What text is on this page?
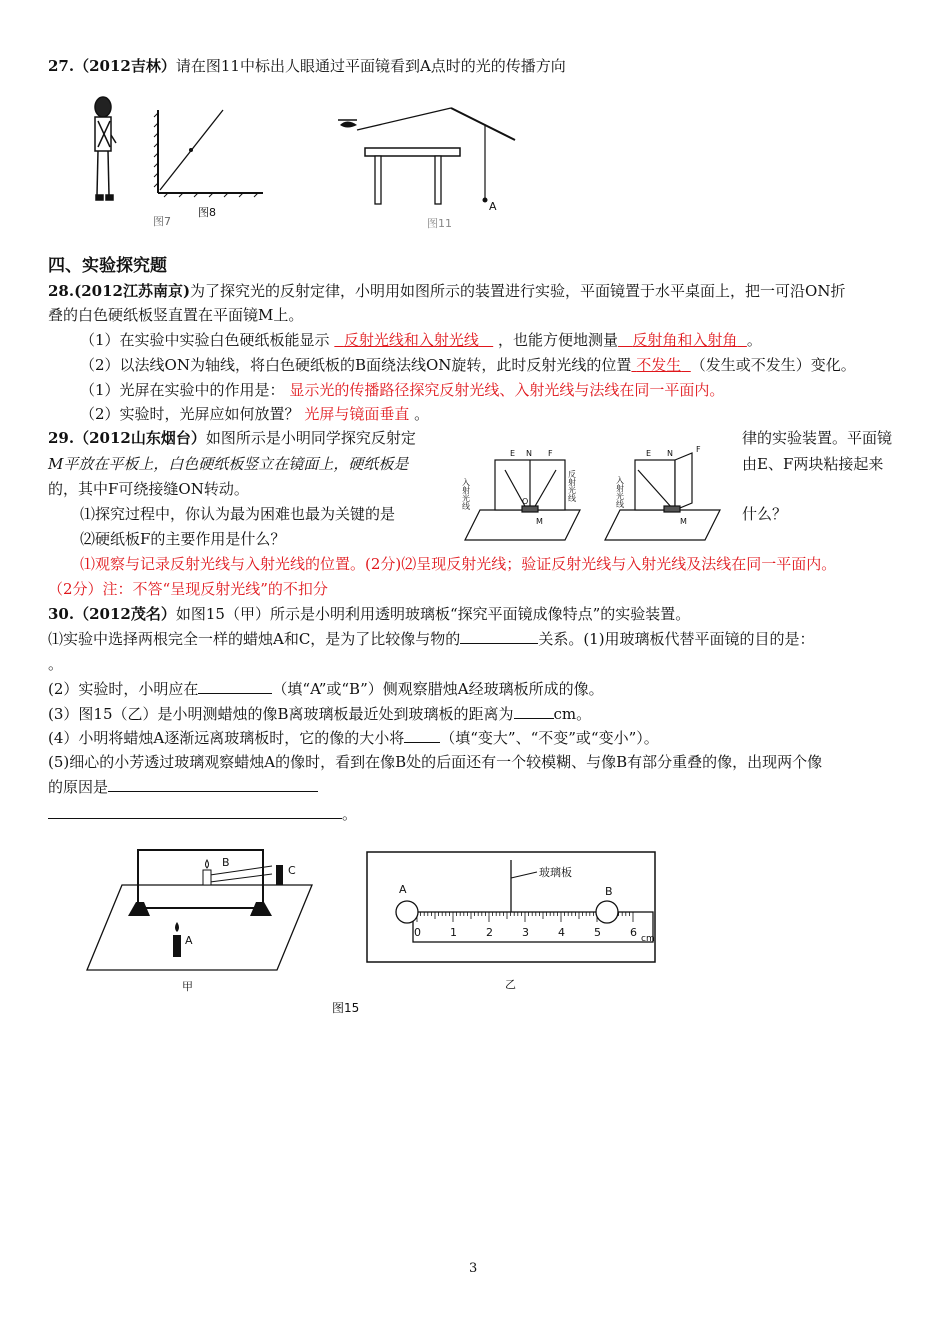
27.（2012吉林）请在图11中标出人眼通过平面镜看到A点时的光的传播方向
图7
图8	A
图11
四、实验探究题
28.(2012江苏南京)为了探究光的反射定律，小明用如图所示的装置进行实验，平面镜置于水平桌面上，把一可沿ON折
叠的白色硬纸板竖直置在平面镜M上。
（1）在实验中实验白色硬纸板能显示 反射光线和入射光线 ，也能方便地测量 反射角和入射角 。
（2）以法线ON为轴线，将白色硬纸板的B面绕法线ON旋转，此时反射光线的位置 不发生 （发生或不发生）变化。
（1）光屏在实验中的作用是： 显示光的传播路径探究反射光线、入射光线与法线在同一平面内。
（2）实验时，光屏应如何放置？ 光屏与镜面垂直 。
29.（2012山东烟台）如图所示是小明同学探究反射定	律的实验装置。平面镜
M平放在平板上，白色硬纸板竖立在镜面上，硬纸板是	由E、F两块粘接起来
的，其中F可绕接缝ON转动。
⑴探究过程中，你认为最为困难也最为关键的是	什么？
⑵硬纸板F的主要作用是什么？
E N F
O
M
入射光线	反射光线
E N	F
M
入射光线
⑴观察与记录反射光线与入射光线的位置。(2分)⑵呈现反射光线；验证反射光线与入射光线及法线在同一平面内。
（2分）注：不答“呈现反射光线”的不扣分
30.（2012茂名）如图15（甲）所示是小明利用透明玻璃板“探究平面镜成像特点”的实验装置。
⑴实验中选择两根完全一样的蜡烛A和C，是为了比较像与物的	关系。(1)用玻璃板代替平面镜的目的是：
。
(2）实验时，小明应在	（填“A”或“B”）侧观察腊烛A经玻璃板所成的像。
(3）图15（乙）是小明测蜡烛的像B离玻璃板最近处到玻璃板的距离为	cm。
(4）小明将蜡烛A逐渐远离玻璃板时，它的像的大小将 （填“变大”、“不变”或“变小”）。
(5)细心的小芳透过玻璃观察蜡烛A的像时，看到在像B处的后面还有一个较模糊、与像B有部分重叠的像，出现两个像
的原因是
。
B
C
A
甲
玻璃板
0	1	2	3	4	5	6
A	B
cm
乙
图15
3
